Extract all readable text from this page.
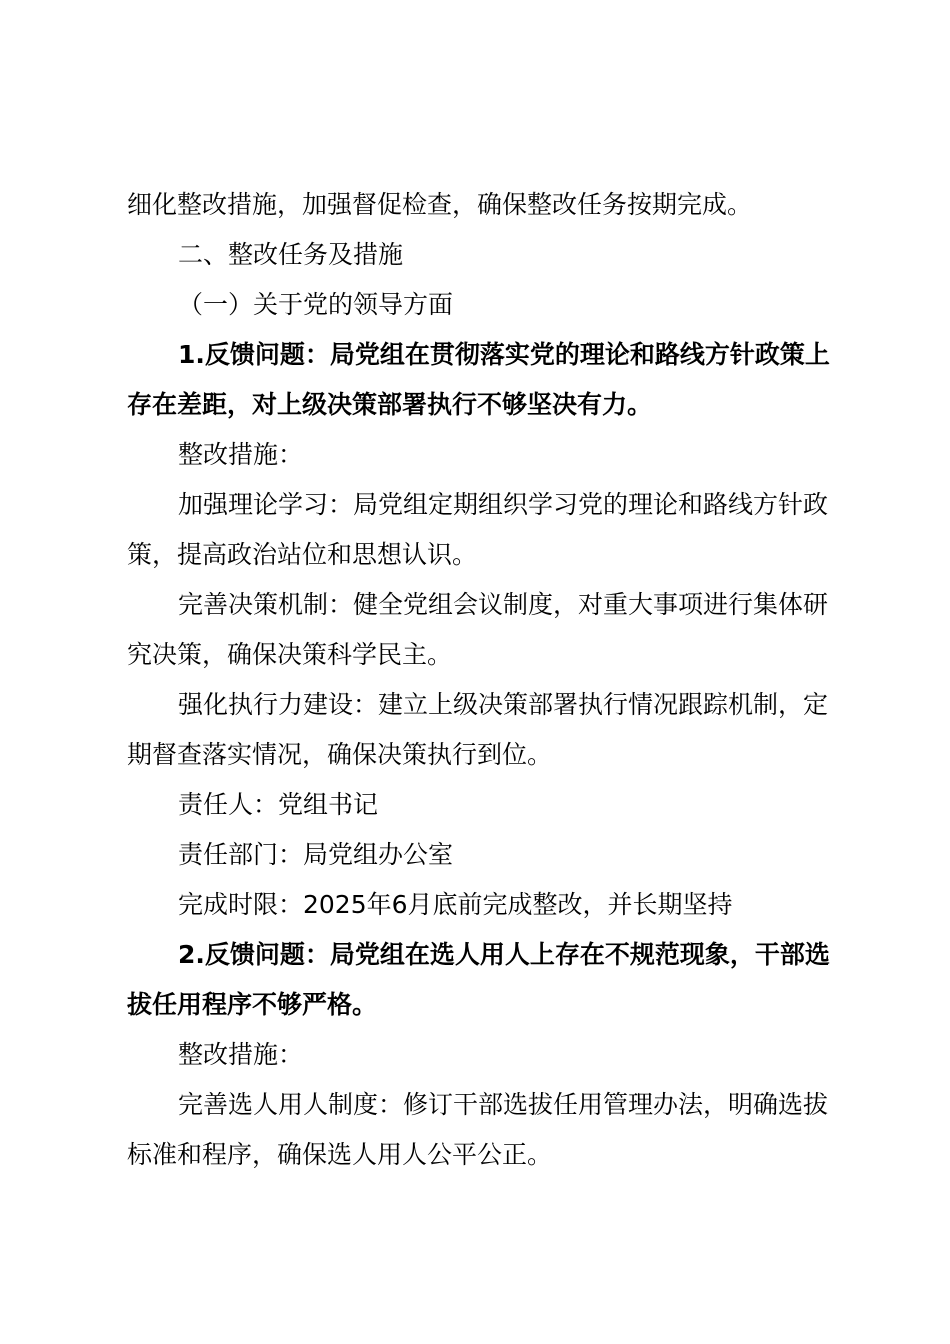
细化整改措施，加强督促检查，确保整改任务按期完成。

二、整改任务及措施

（一）关于党的领导方面

1.反馈问题：局党组在贯彻落实党的理论和路线方针政策上存在差距，对上级决策部署执行不够坚决有力。

整改措施：

加强理论学习：局党组定期组织学习党的理论和路线方针政策，提高政治站位和思想认识。

完善决策机制：健全党组会议制度，对重大事项进行集体研究决策，确保决策科学民主。

强化执行力建设：建立上级决策部署执行情况跟踪机制，定期督查落实情况，确保决策执行到位。

责任人：党组书记

责任部门：局党组办公室

完成时限：2025年6月底前完成整改，并长期坚持

2.反馈问题：局党组在选人用人上存在不规范现象，干部选拔任用程序不够严格。

整改措施：

完善选人用人制度：修订干部选拔任用管理办法，明确选拔标准和程序，确保选人用人公平公正。
